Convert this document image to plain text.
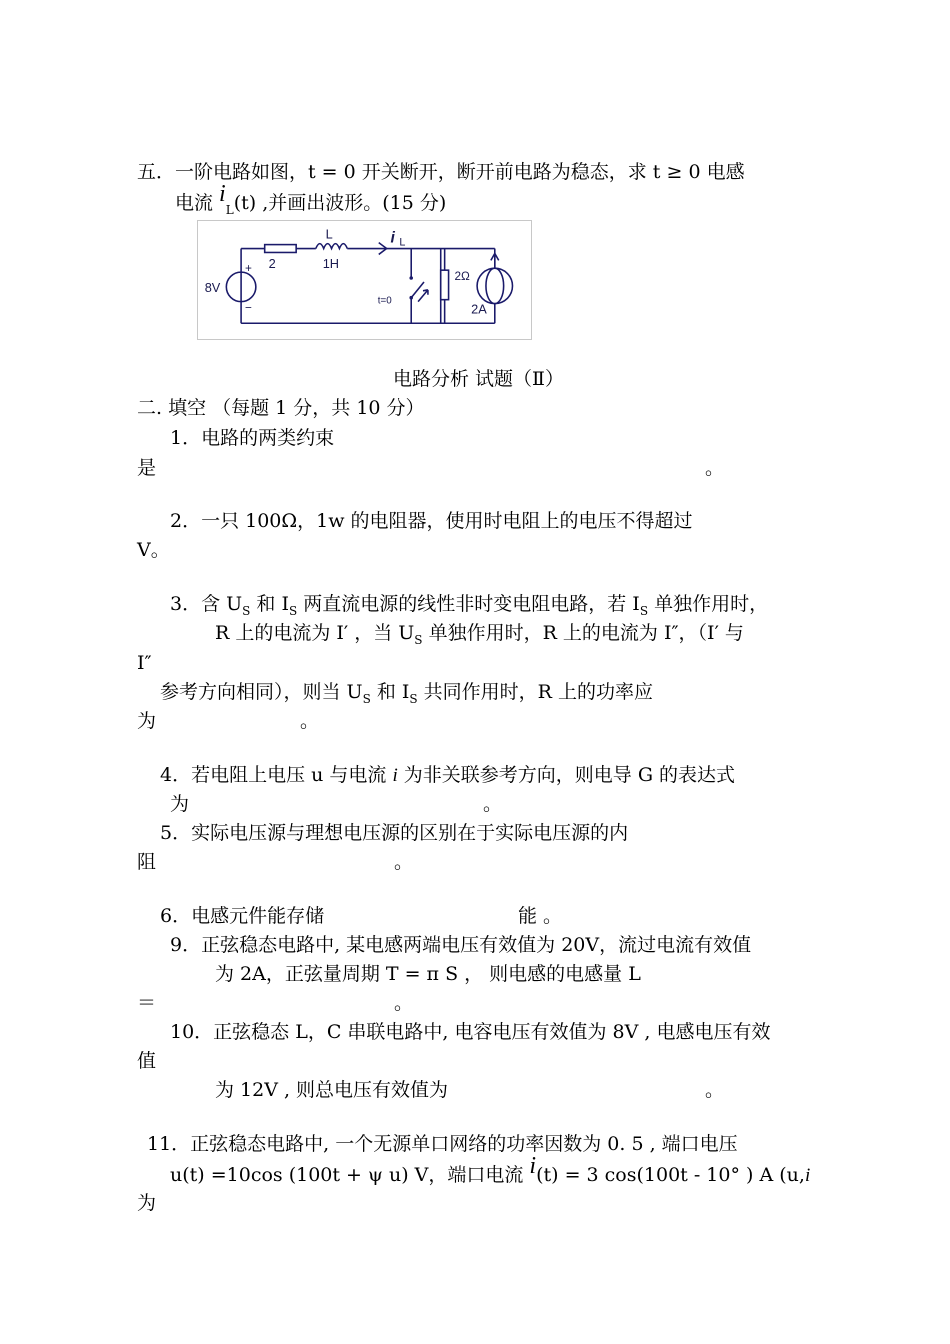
五．一阶电路如图，t = 0 开关断开，断开前电路为稳态，求 t ≥ 0 电感
电流 $i_L(t)$ ,并画出波形。(15 分)
8V
+
−
2
L
1H
i L
t=0
2Ω
2A
电路分析 试题（Ⅱ）
二. 填空 （每题 1 分，共 10 分）
1．电路的两类约束
是	。
2．一只 100Ω，1w 的电阻器，使用时电阻上的电压不得超过
V。
3．含 $U_S$ 和 $I_S$ 两直流电源的线性非时变电阻电路，若 $I_S$ 单独作用时，
R 上的电流为 I′ ，当 $U_S$ 单独作用时，R 上的电流为 I″，（I′ 与
I″
参考方向相同），则当 $U_S$ 和 $I_S$ 共同作用时，R 上的功率应
为	。
4．若电阻上电压 u 与电流 i 为非关联参考方向，则电导 G 的表达式
为	。
5．实际电压源与理想电压源的区别在于实际电压源的内
阻	。
6．电感元件能存储	能 。
9．正弦稳态电路中, 某电感两端电压有效值为 20V，流过电流有效值
为 2A，正弦量周期 T = π S ， 则电感的电感量 L
＝	。
10．正弦稳态 L，C 串联电路中, 电容电压有效值为 8V , 电感电压有效
值
为 12V , 则总电压有效值为	。
11．正弦稳态电路中, 一个无源单口网络的功率因数为 0. 5 , 端口电压
u(t) =10cos (100t + ψ u) V，端口电流 i(t) = 3 cos(100t - 10° ) A (u,i
为
